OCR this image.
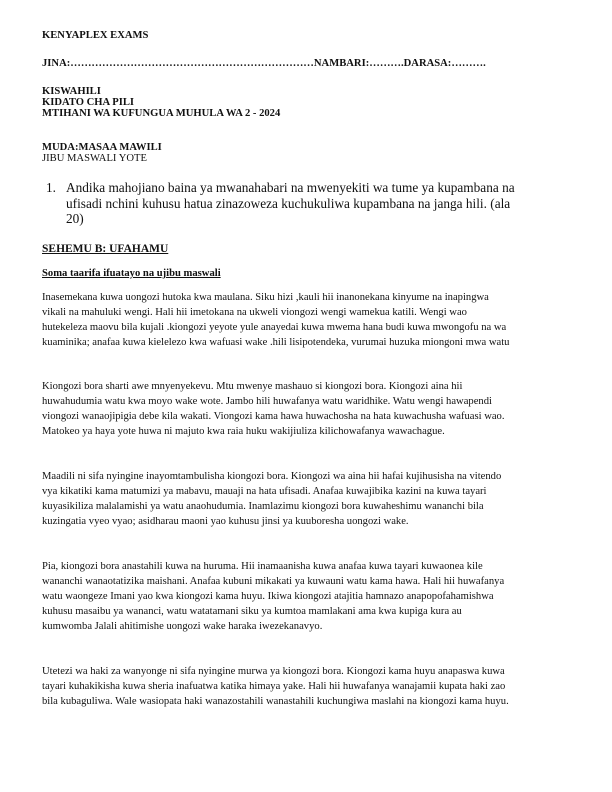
KENYAPLEX EXAMS
JINA:……………………………………………………………NAMBARI:……….DARASA:……….
KISWAHILI
KIDATO CHA PILI
MTIHANI WA KUFUNGUA MUHULA WA 2 - 2024
MUDA:MASAA MAWILI
JIBU MASWALI YOTE
1. Andika mahojiano baina ya mwanahabari na mwenyekiti wa tume ya kupambana na
ufisadi nchini kuhusu hatua zinazoweza kuchukuliwa kupambana na janga hili. (ala
20)
SEHEMU B: UFAHAMU
Soma taarifa ifuatayo na ujibu maswali
Inasemekana kuwa uongozi hutoka kwa maulana. Siku hizi ,kauli hii inanonekana kinyume na inapingwa
vikali na mahuluki wengi. Hali hii imetokana na ukweli viongozi wengi wamekua katili. Wengi wao
hutekeleza maovu bila kujali .kiongozi yeyote yule anayedai kuwa mwema hana budi kuwa mwongofu na wa
kuaminika; anafaa kuwa kielelezo kwa wafuasi wake .hili lisipotendeka, vurumai huzuka miongoni mwa watu
Kiongozi bora sharti awe mnyenyekevu. Mtu mwenye mashauo si kiongozi bora. Kiongozi aina hii
huwahudumia watu kwa moyo wake wote. Jambo hili huwafanya watu waridhike. Watu wengi hawapendi
viongozi wanaojipigia debe kila wakati. Viongozi kama hawa huwachosha na hata kuwachusha wafuasi wao.
Matokeo ya haya yote huwa ni majuto kwa raia huku wakijiuliza kilichowafanya wawachague.
Maadili ni sifa nyingine inayomtambulisha kiongozi bora. Kiongozi wa aina hii hafai kujihusisha na vitendo
vya kikatiki kama matumizi ya mabavu, mauaji na hata ufisadi. Anafaa kuwajibika kazini na kuwa tayari
kuyasikiliza malalamishi ya watu anaohudumia. Inamlazimu kiongozi bora kuwaheshimu wananchi bila
kuzingatia vyeo vyao; asidharau maoni yao kuhusu jinsi ya kuuboresha uongozi wake.
Pia, kiongozi bora anastahili kuwa na huruma. Hii inamaanisha kuwa anafaa kuwa tayari kuwaonea kile
wananchi wanaotatizika maishani. Anafaa kubuni mikakati ya kuwauni watu kama hawa. Hali hii huwafanya
watu waongeze Imani yao kwa kiongozi kama huyu. Ikiwa kiongozi atajitia hamnazo anapopofahamishwa
kuhusu masaibu ya wananci, watu watatamani siku ya kumtoa mamlakani ama kwa kupiga kura au
kumwomba Jalali ahitimishe uongozi wake haraka iwezekanavyo.
Utetezi wa haki za wanyonge ni sifa nyingine murwa ya kiongozi bora. Kiongozi kama huyu anapaswa kuwa
tayari kuhakikisha kuwa sheria inafuatwa katika himaya yake. Hali hii huwafanya wanajamii kupata haki zao
bila kubaguliwa. Wale wasiopata haki wanazostahili wanastahili kuchungiwa maslahi na kiongozi kama huyu.
